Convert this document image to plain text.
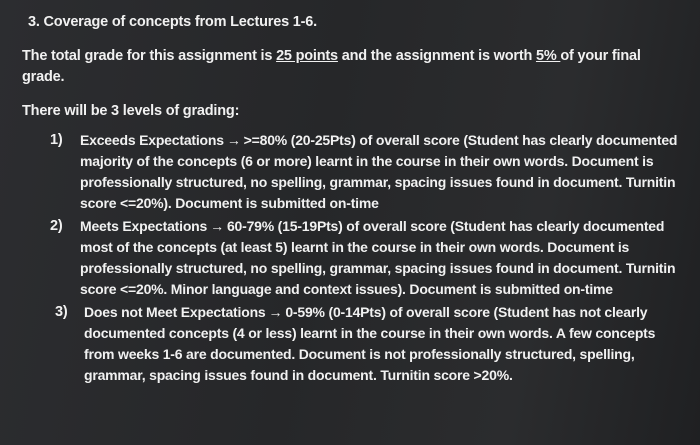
3. Coverage of concepts from Lectures 1-6.

The total grade for this assignment is 25 points and the assignment is worth 5% of your final grade.

There will be 3 levels of grading:

1) Exceeds Expectations → >=80% (20-25Pts) of overall score (Student has clearly documented majority of the concepts (6 or more) learnt in the course in their own words. Document is professionally structured, no spelling, grammar, spacing issues found in document. Turnitin score <=20%). Document is submitted on-time
2) Meets Expectations → 60-79% (15-19Pts) of overall score (Student has clearly documented most of the concepts (at least 5) learnt in the course in their own words. Document is professionally structured, no spelling, grammar, spacing issues found in document. Turnitin score <=20%. Minor language and context issues). Document is submitted on-time
3) Does not Meet Expectations → 0-59% (0-14Pts) of overall score (Student has not clearly documented concepts (4 or less) learnt in the course in their own words. A few concepts from weeks 1-6 are documented. Document is not professionally structured, spelling, grammar, spacing issues found in document. Turnitin score >20%.
